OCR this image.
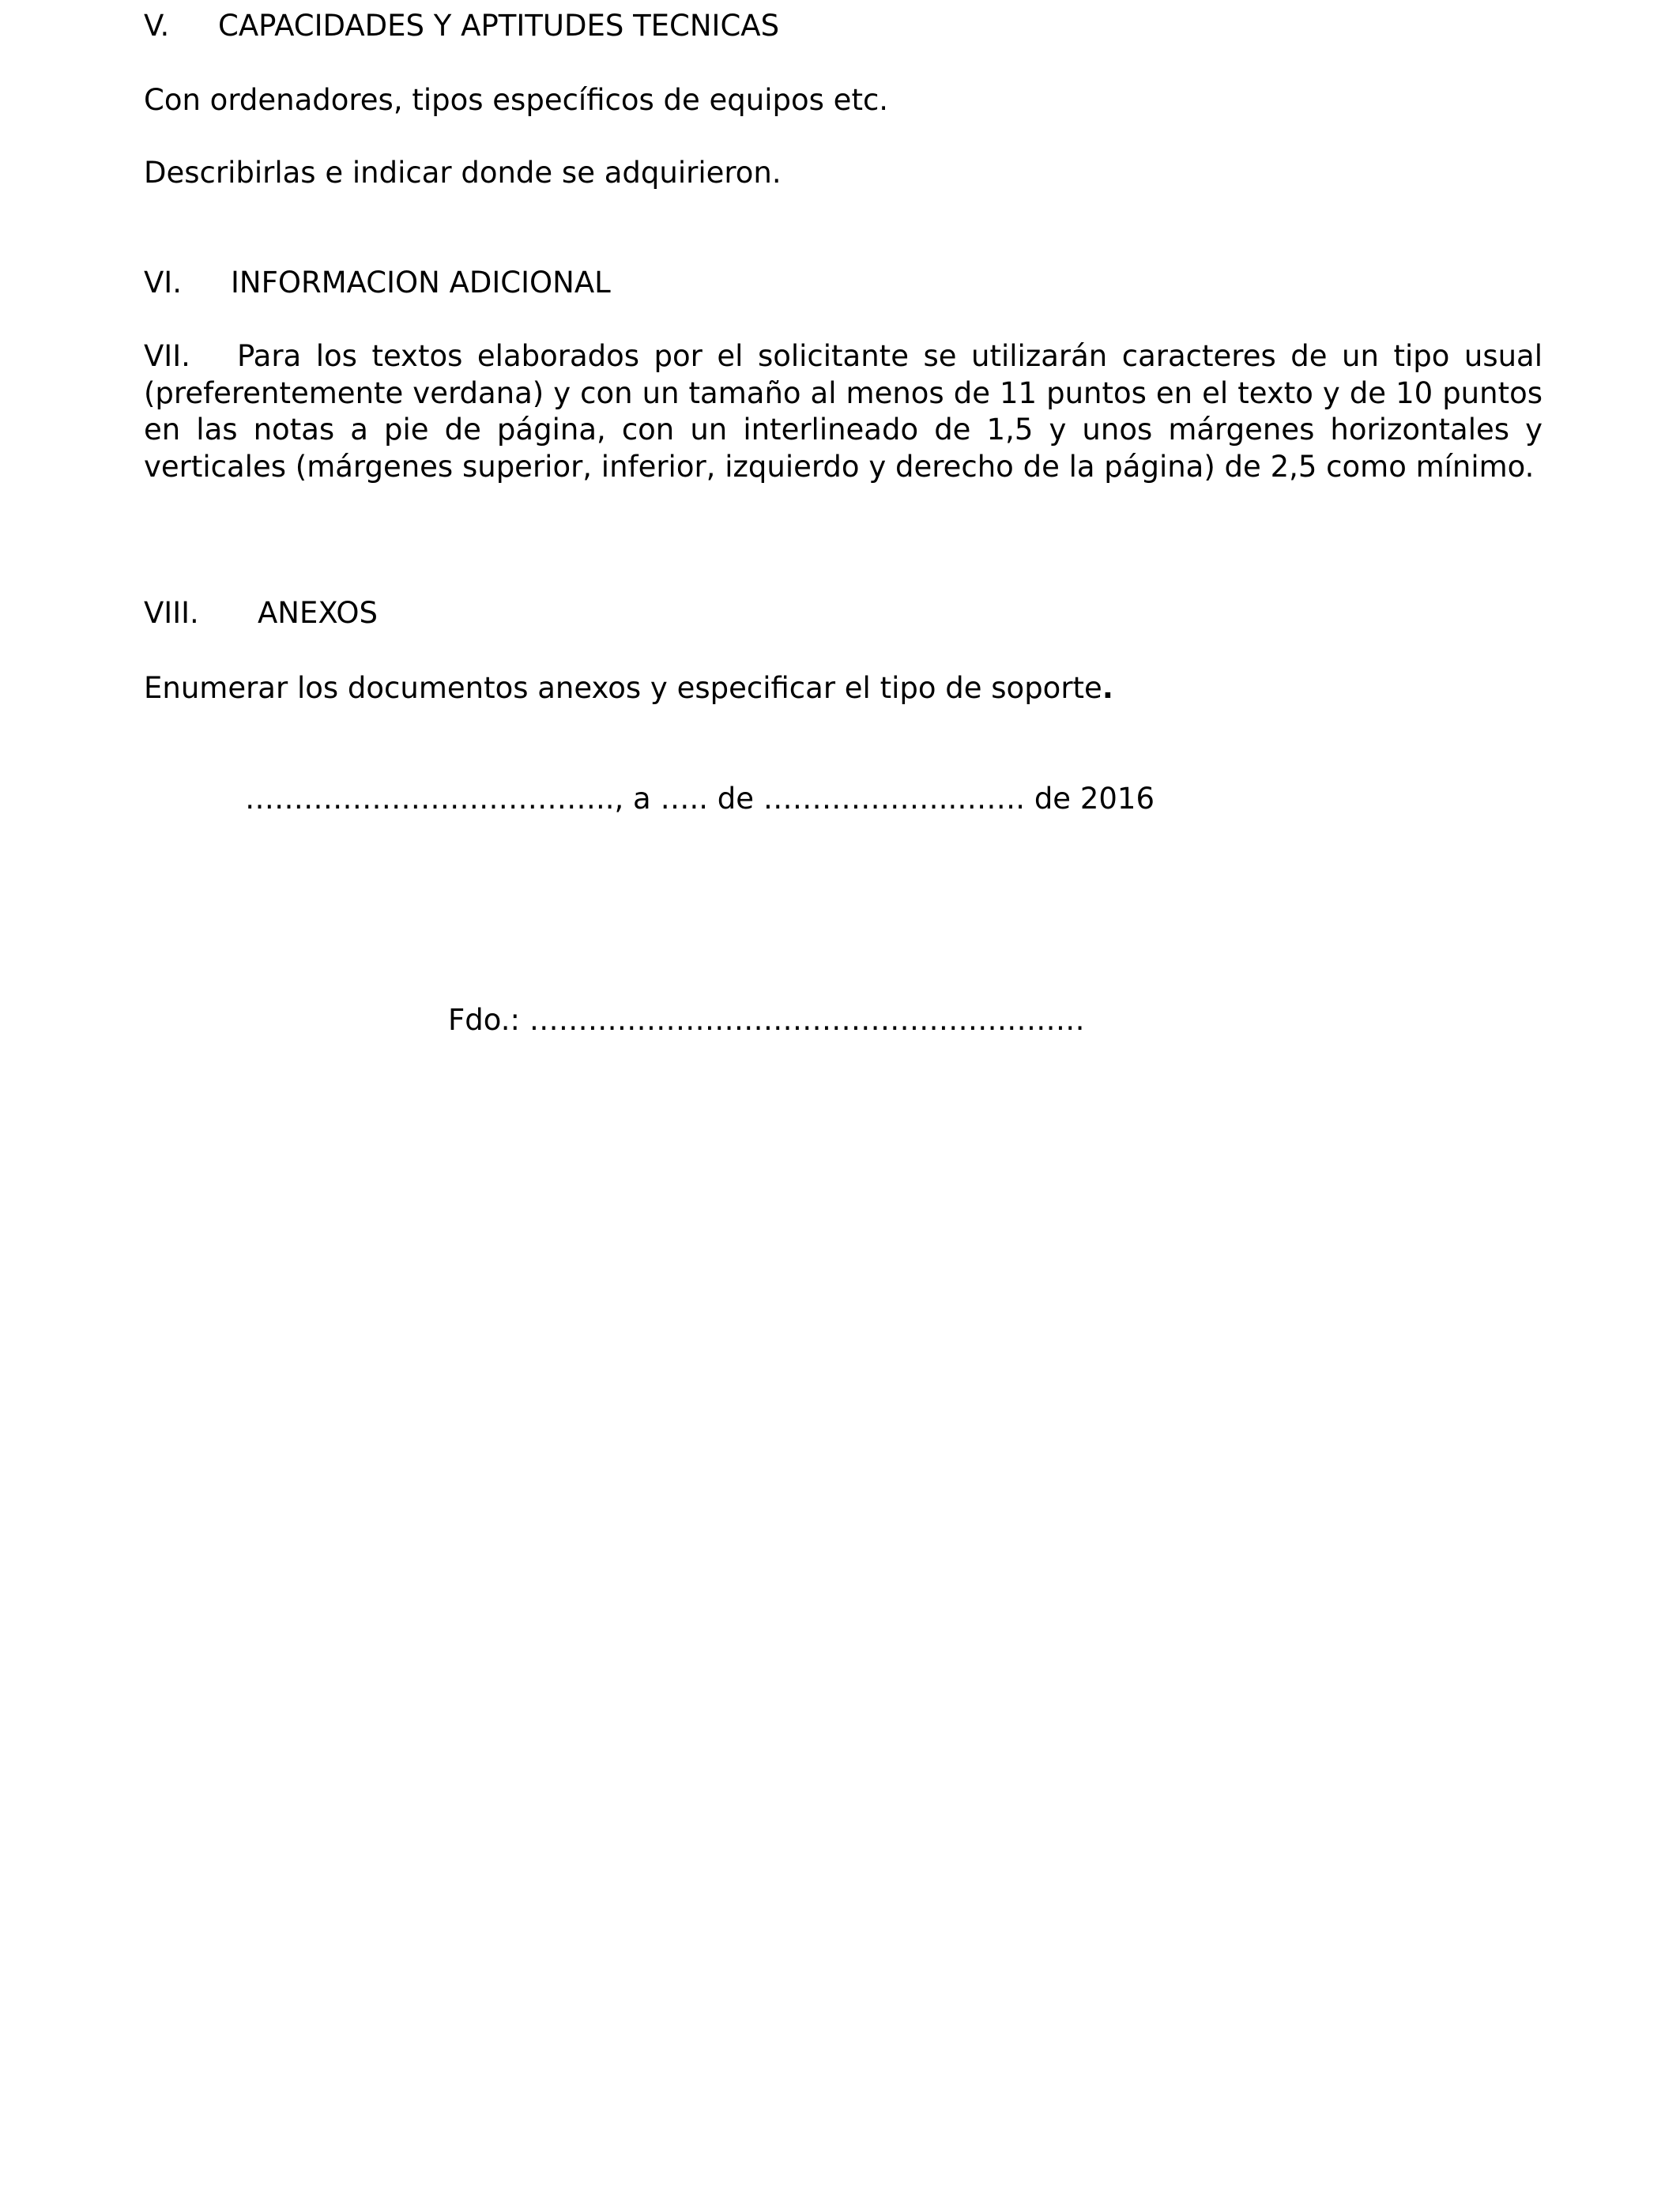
V. CAPACIDADES Y APTITUDES TECNICAS
Con ordenadores, tipos específicos de equipos etc.
Describirlas e indicar donde se adquirieron.
VI. INFORMACION ADICIONAL
VII. Para los textos elaborados por el solicitante se utilizarán caracteres de un tipo usual (preferentemente verdana) y con un tamaño al menos de 11 puntos en el texto y de 10 puntos en las notas a pie de página, con un interlineado de 1,5 y unos márgenes horizontales y verticales (márgenes superior, inferior, izquierdo y derecho de la página) de 2,5 como mínimo.
VIII. ANEXOS
Enumerar los documentos anexos y especificar el tipo de soporte.
……………………………….., a ….. de ………………..……. de 2016
Fdo.: …………………………………………………
